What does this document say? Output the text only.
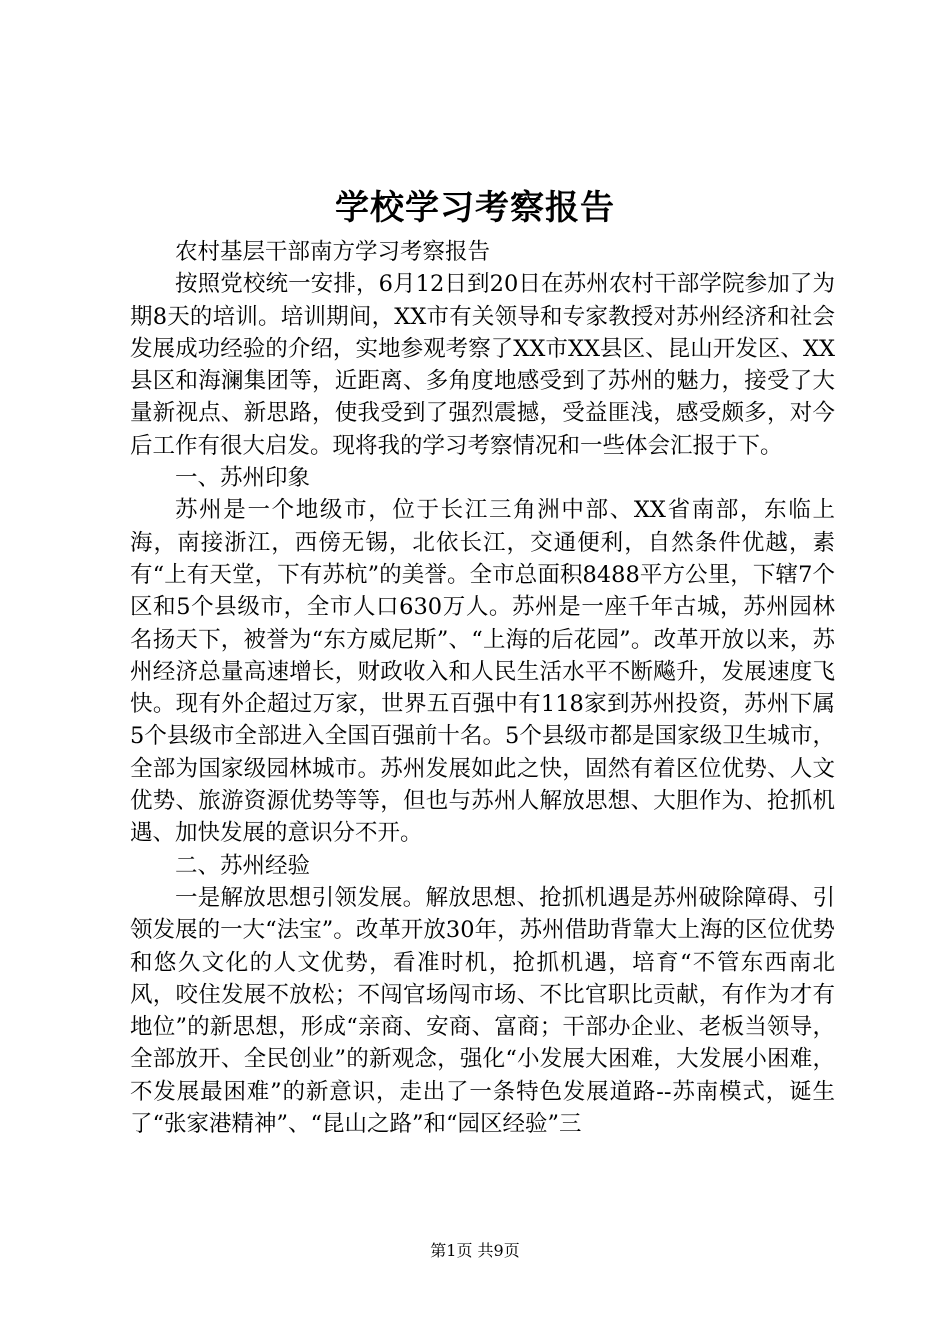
学校学习考察报告

农村基层干部南方学习考察报告

按照党校统一安排，6月12日到20日在苏州农村干部学院参加了为期8天的培训。培训期间，XX市有关领导和专家教授对苏州经济和社会发展成功经验的介绍，实地参观考察了XX市XX县区、昆山开发区、XX县区和海澜集团等，近距离、多角度地感受到了苏州的魅力，接受了大量新视点、新思路，使我受到了强烈震撼，受益匪浅，感受颇多，对今后工作有很大启发。现将我的学习考察情况和一些体会汇报于下。

一、苏州印象

苏州是一个地级市，位于长江三角洲中部、XX省南部，东临上海，南接浙江，西傍无锡，北依长江，交通便利，自然条件优越，素有“上有天堂，下有苏杭”的美誉。全市总面积8488平方公里，下辖7个区和5个县级市，全市人口630万人。苏州是一座千年古城，苏州园林名扬天下，被誉为“东方威尼斯”、“上海的后花园”。改革开放以来，苏州经济总量高速增长，财政收入和人民生活水平不断飚升，发展速度飞快。现有外企超过万家，世界五百强中有118家到苏州投资，苏州下属5个县级市全部进入全国百强前十名。5个县级市都是国家级卫生城市，全部为国家级园林城市。苏州发展如此之快，固然有着区位优势、人文优势、旅游资源优势等等，但也与苏州人解放思想、大胆作为、抢抓机遇、加快发展的意识分不开。

二、苏州经验

一是解放思想引领发展。解放思想、抢抓机遇是苏州破除障碍、引领发展的一大“法宝”。改革开放30年，苏州借助背靠大上海的区位优势和悠久文化的人文优势，看准时机，抢抓机遇，培育“不管东西南北风，咬住发展不放松；不闯官场闯市场、不比官职比贡献，有作为才有地位”的新思想，形成“亲商、安商、富商；干部办企业、老板当领导，全部放开、全民创业”的新观念，强化“小发展大困难，大发展小困难，不发展最困难”的新意识，走出了一条特色发展道路--苏南模式，诞生了“张家港精神”、“昆山之路”和“园区经验”三

第1页 共9页
